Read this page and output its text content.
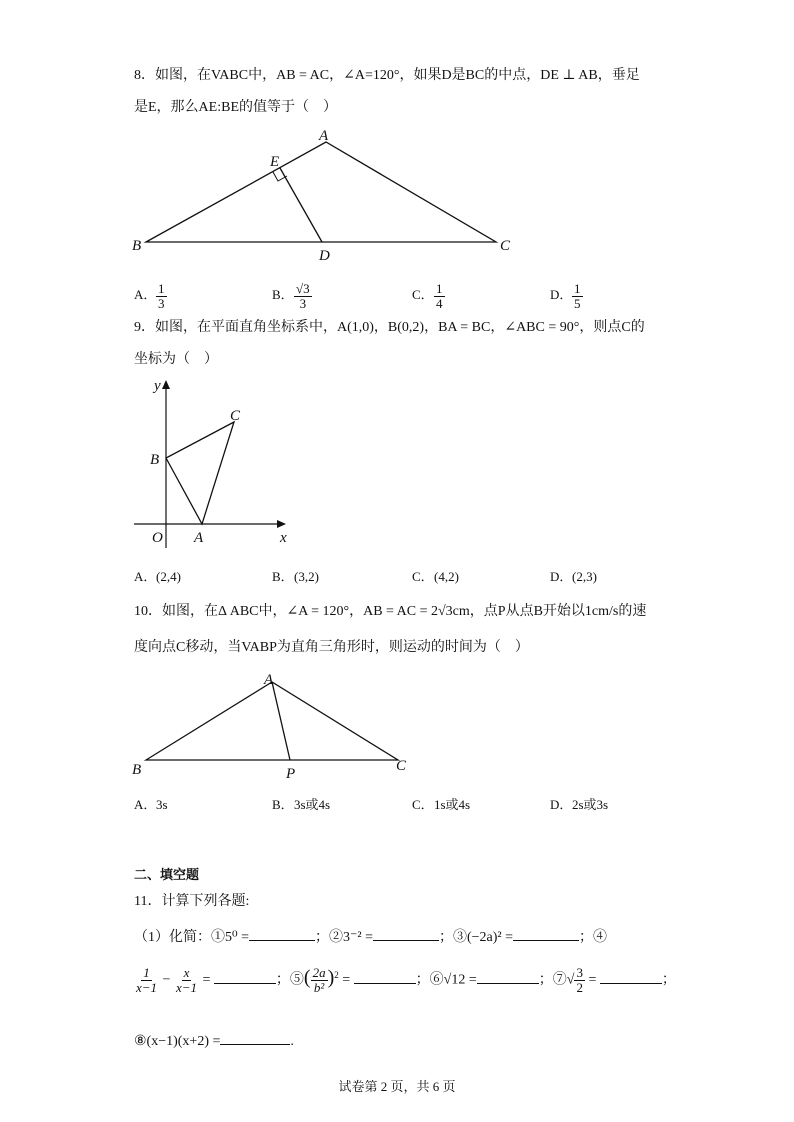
8．如图，在VABC中，AB = AC，∠A=120°，如果D是BC的中点，DE ⊥ AB，垂足
是E，那么AE:BE的值等于（　）
A
B	C
D
E
A． $\frac{1}{3}$	B． $\frac{√3}{3}$	C． $\frac{1}{4}$	D． $\frac{1}{5}$
9．如图，在平面直角坐标系中，A(1,0)，B(0,2)，BA = BC，∠ABC = 90°，则点C的
坐标为（　）
y
x
O A
B
C
A．(2,4)	B．(3,2)	C．(4,2)	D．(2,3)
10．如图，在Δ ABC中，∠A = 120°，AB = AC = 2√3cm，点P从点B开始以1cm/s的速
度向点C移动，当VABP为直角三角形时，则运动的时间为（　）
A
B	C
P
A．3s	B．3s或4s	C．1s或4s	D．2s或3s
二、填空题
11．计算下列各题:
（1）化简：①5⁰ =	；②3⁻² =	；③(−2a)² =	；④
$\frac{1}{x-1} - \frac{x}{x-1}$ =	；⑤( $\frac{2a}{\text{b²}} )^2$ =	；⑥√12 =	；⑦√ $\frac{3}{2}$ =	；
⑧(x−1)(x+2) =	.
试卷第 2 页，共 6 页
